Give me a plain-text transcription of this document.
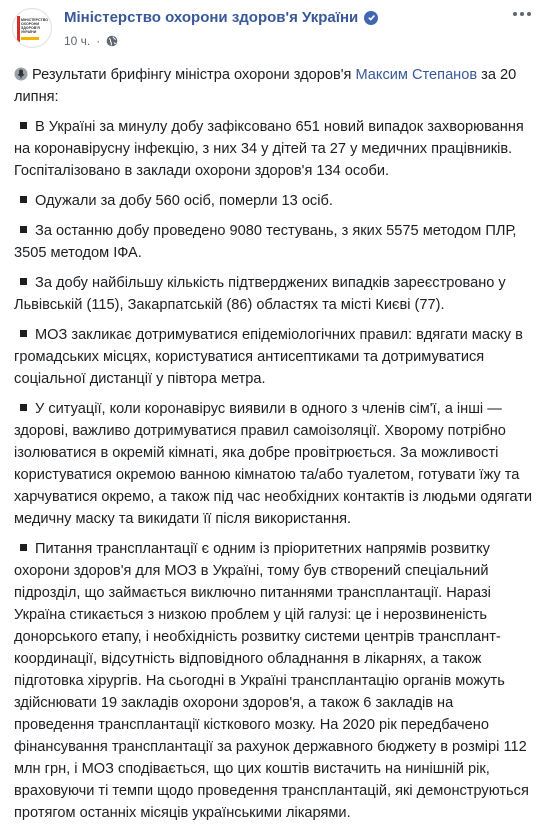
МІНІСТЕРСТВО ОХОРОНИ ЗДОРОВ'Я УКРАЇНИ
Міністерство охорони здоров'я України
10 ч. ·

Результати брифінгу міністра охорони здоров'я Максим Степанов за 20 липня:

В Україні за минулу добу зафіксовано 651 новий випадок захворювання на коронавірусну інфекцію, з них 34 у дітей та 27 у медичних працівників. Госпіталізовано в заклади охорони здоров'я 134 особи.

Одужали за добу 560 осіб, померли 13 осіб.

За останню добу проведено 9080 тестувань, з яких 5575 методом ПЛР, 3505 методом ІФА.

За добу найбільшу кількість підтверджених випадків зареєстровано у Львівській (115), Закарпатській (86) областях та місті Києві (77).

МОЗ закликає дотримуватися епідеміологічних правил: вдягати маску в громадських місцях, користуватися антисептиками та дотримуватися соціальної дистанції у півтора метра.

У ситуації, коли коронавірус виявили в одного з членів сім'ї, а інші — здорові, важливо дотримуватися правил самоізоляції. Хворому потрібно ізолюватися в окремій кімнаті, яка добре провітрюється. За можливості користуватися окремою ванною кімнатою та/або туалетом, готувати їжу та харчуватися окремо, а також під час необхідних контактів із людьми одягати медичну маску та викидати її після використання.

Питання трансплантації є одним із пріоритетних напрямів розвитку охорони здоров'я для МОЗ в Україні, тому був створений спеціальний підрозділ, що займається виключно питаннями трансплантації. Наразі Україна стикається з низкою проблем у цій галузі: це і нерозвиненість донорського етапу, і необхідність розвитку системи центрів трансплант-координації, відсутність відповідного обладнання в лікарнях, а також підготовка хірургів. На сьогодні в Україні трансплантацію органів можуть здійснювати 19 закладів охорони здоров'я, а також 6 закладів на проведення трансплантації кісткового мозку. На 2020 рік передбачено фінансування трансплантації за рахунок державного бюджету в розмірі 112 млн грн, і МОЗ сподівається, що цих коштів вистачить на нинішній рік, враховуючи ті темпи щодо проведення трансплантацій, які демонструються протягом останніх місяців українськими лікарями.
